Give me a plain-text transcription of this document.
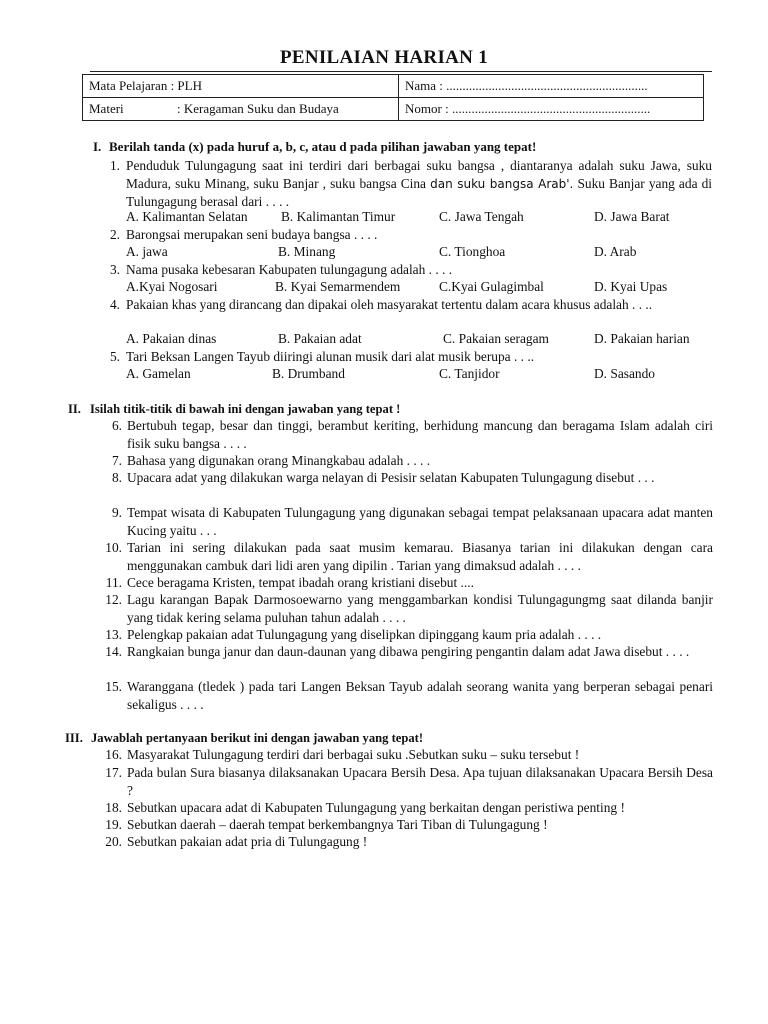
PENILAIAN HARIAN 1
Mata Pelajaran : PLH	Nama : ..............................................................
Materi : Keragaman Suku dan Budaya	Nomor : .............................................................
I. Berilah tanda (x) pada huruf a, b, c, atau d pada pilihan jawaban yang tepat!
1. Penduduk Tulungagung saat ini terdiri dari berbagai suku bangsa , diantaranya adalah suku Jawa, suku Madura, suku Minang, suku Banjar , suku bangsa Cina dan suku bangsa Arab'. Suku Banjar yang ada di Tulungagung berasal dari . . . .
A. Kalimantan Selatan B. Kalimantan Timur	C. Jawa Tengah	D. Jawa Barat
2. Barongsai merupakan seni budaya bangsa . . . .
A. jawa	B. Minang	C. Tionghoa	D. Arab
3. Nama pusaka kebesaran Kabupaten tulungagung adalah . . . .
A.Kyai Nogosari	B. Kyai Semarmendem	C.Kyai Gulagimbal	D. Kyai Upas
4. Pakaian khas yang dirancang dan dipakai oleh masyarakat tertentu dalam acara khusus adalah . . ..
A. Pakaian dinas	B. Pakaian adat	C. Pakaian seragam	D. Pakaian harian
5. Tari Beksan Langen Tayub diiringi alunan musik dari alat musik berupa . . ..
A. Gamelan	B. Drumband	C. Tanjidor	D. Sasando
II. Isilah titik-titik di bawah ini dengan jawaban yang tepat !
6. Bertubuh tegap, besar dan tinggi, berambut keriting, berhidung mancung dan beragama Islam adalah ciri fisik suku bangsa . . . .
7. Bahasa yang digunakan orang Minangkabau adalah . . . .
8. Upacara adat yang dilakukan warga nelayan di Pesisir selatan Kabupaten Tulungagung disebut . . .
9. Tempat wisata di Kabupaten Tulungagung yang digunakan sebagai tempat pelaksanaan upacara adat manten Kucing yaitu . . .
10. Tarian ini sering dilakukan pada saat musim kemarau. Biasanya tarian ini dilakukan dengan cara menggunakan cambuk dari lidi aren yang dipilin . Tarian yang dimaksud adalah . . . .
11. Cece beragama Kristen, tempat ibadah orang kristiani disebut ....
12. Lagu karangan Bapak Darmosoewarno yang menggambarkan kondisi Tulungagungmg saat dilanda banjir yang tidak kering selama puluhan tahun adalah . . . .
13. Pelengkap pakaian adat Tulungagung yang diselipkan dipinggang kaum pria adalah . . . .
14. Rangkaian bunga janur dan daun-daunan yang dibawa pengiring pengantin dalam adat Jawa disebut . . . .
15. Waranggana (tledek ) pada tari Langen Beksan Tayub adalah seorang wanita yang berperan sebagai penari sekaligus . . . .
III. Jawablah pertanyaan berikut ini dengan jawaban yang tepat!
16. Masyarakat Tulungagung terdiri dari berbagai suku .Sebutkan suku – suku tersebut !
17. Pada bulan Sura biasanya dilaksanakan Upacara Bersih Desa. Apa tujuan dilaksanakan Upacara Bersih Desa ?
18. Sebutkan upacara adat di Kabupaten Tulungagung yang berkaitan dengan peristiwa penting !
19. Sebutkan daerah – daerah tempat berkembangnya Tari Tiban di Tulungagung !
20. Sebutkan pakaian adat pria di Tulungagung !
